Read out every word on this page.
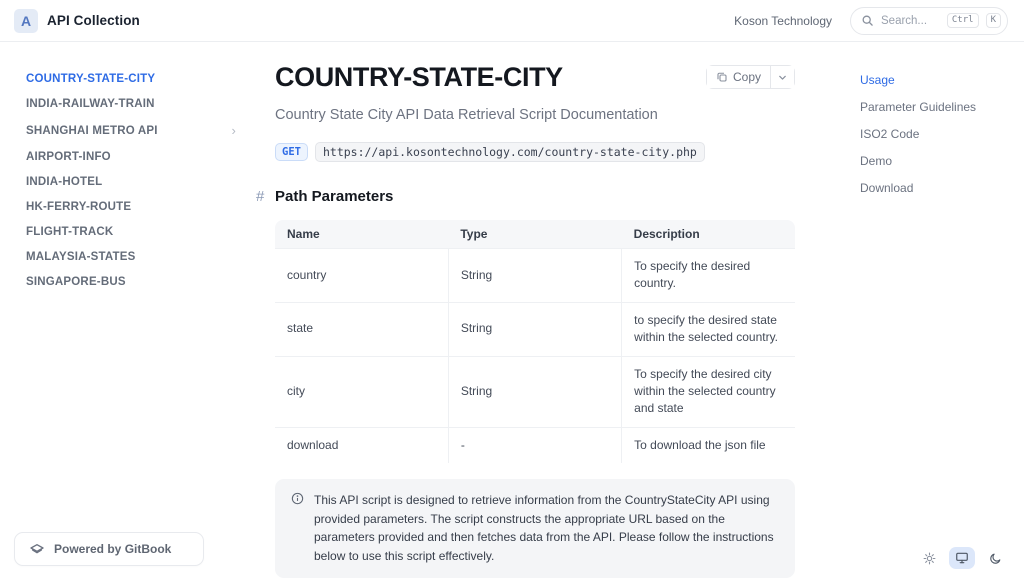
A	API Collection	Koson Technology	Search...	Ctrl	K
COUNTRY-STATE-CITY
INDIA-RAILWAY-TRAIN
SHANGHAI METRO API	›
AIRPORT-INFO
INDIA-HOTEL
HK-FERRY-ROUTE
FLIGHT-TRACK
MALAYSIA-STATES
SINGAPORE-BUS
COUNTRY-STATE-CITY	Copy

Country State City API Data Retrieval Script Documentation

GET	https://api.kosontechnology.com/country-state-city.php
# Path Parameters
Name	Type	Description
country	String	To specify the desired country.
state	String	to specify the desired state within the selected country.
city	String	To specify the desired city within the selected country and state
download	-	To download the json file

This API script is designed to retrieve information from the CountryStateCity API using provided parameters. The script constructs the appropriate URL based on the parameters provided and then fetches data from the API. Please follow the instructions below to use this script effectively.

Usage
Parameter Guidelines
ISO2 Code
Demo
Download
Powered by GitBook
